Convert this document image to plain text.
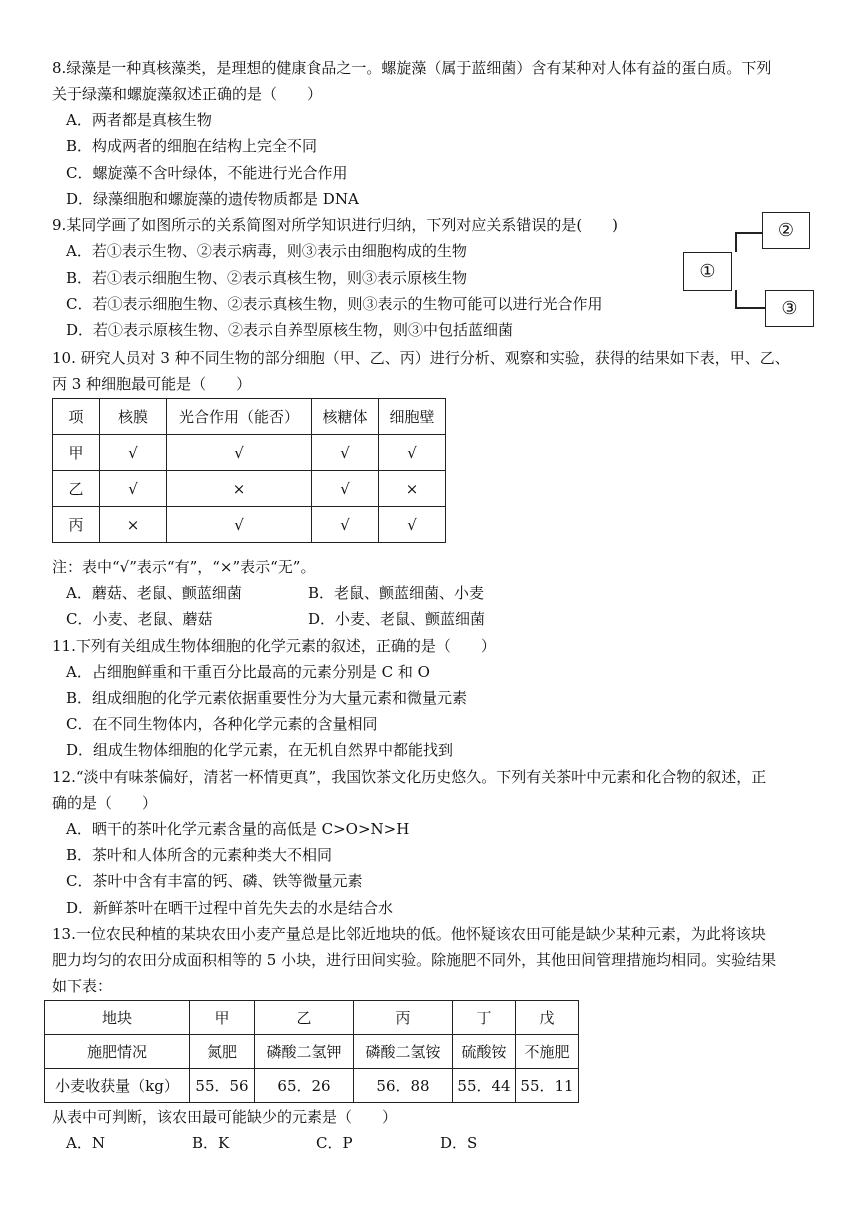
8.绿藻是一种真核藻类，是理想的健康食品之一。螺旋藻（属于蓝细菌）含有某种对人体有益的蛋白质。下列
关于绿藻和螺旋藻叙述正确的是（　　）
A．两者都是真核生物
B．构成两者的细胞在结构上完全不同
C．螺旋藻不含叶绿体，不能进行光合作用
D．绿藻细胞和螺旋藻的遗传物质都是 DNA
9.某同学画了如图所示的关系简图对所学知识进行归纳，下列对应关系错误的是(　　)
A．若①表示生物、②表示病毒，则③表示由细胞构成的生物
B．若①表示细胞生物、②表示真核生物，则③表示原核生物
C．若①表示细胞生物、②表示真核生物，则③表示的生物可能可以进行光合作用
D．若①表示原核生物、②表示自养型原核生物，则③中包括蓝细菌
②
①
③
10. 研究人员对 3 种不同生物的部分细胞（甲、乙、丙）进行分析、观察和实验，获得的结果如下表，甲、乙、
丙 3 种细胞最可能是（　　）
项	核膜	光合作用（能否）	核糖体	细胞壁
甲	√	√	√	√
乙	√	×	√	×
丙	×	√	√	√
注：表中“√”表示“有”，“×”表示“无”。
A．蘑菇、老鼠、颤蓝细菌	B．老鼠、颤蓝细菌、小麦
C．小麦、老鼠、蘑菇	D．小麦、老鼠、颤蓝细菌
11.下列有关组成生物体细胞的化学元素的叙述，正确的是（　　）
A．占细胞鲜重和干重百分比最高的元素分别是 C 和 O
B．组成细胞的化学元素依据重要性分为大量元素和微量元素
C．在不同生物体内，各种化学元素的含量相同
D．组成生物体细胞的化学元素，在无机自然界中都能找到
12.“淡中有味茶偏好，清茗一杯情更真”，我国饮茶文化历史悠久。下列有关茶叶中元素和化合物的叙述，正
确的是（　　）
A．晒干的茶叶化学元素含量的高低是 C>O>N>H
B．茶叶和人体所含的元素种类大不相同
C．茶叶中含有丰富的钙、磷、铁等微量元素
D．新鲜茶叶在晒干过程中首先失去的水是结合水
13.一位农民种植的某块农田小麦产量总是比邻近地块的低。他怀疑该农田可能是缺少某种元素，为此将该块
肥力均匀的农田分成面积相等的 5 小块，进行田间实验。除施肥不同外，其他田间管理措施均相同。实验结果
如下表：
地块	甲	乙	丙	丁	戊
施肥情况	氮肥	磷酸二氢钾	磷酸二氢铵	硫酸铵	不施肥
小麦收获量（kg）	55．56	65．26	56．88	55．44	55．11
从表中可判断，该农田最可能缺少的元素是（　　）
A．N	B．K	C．P	D．S
